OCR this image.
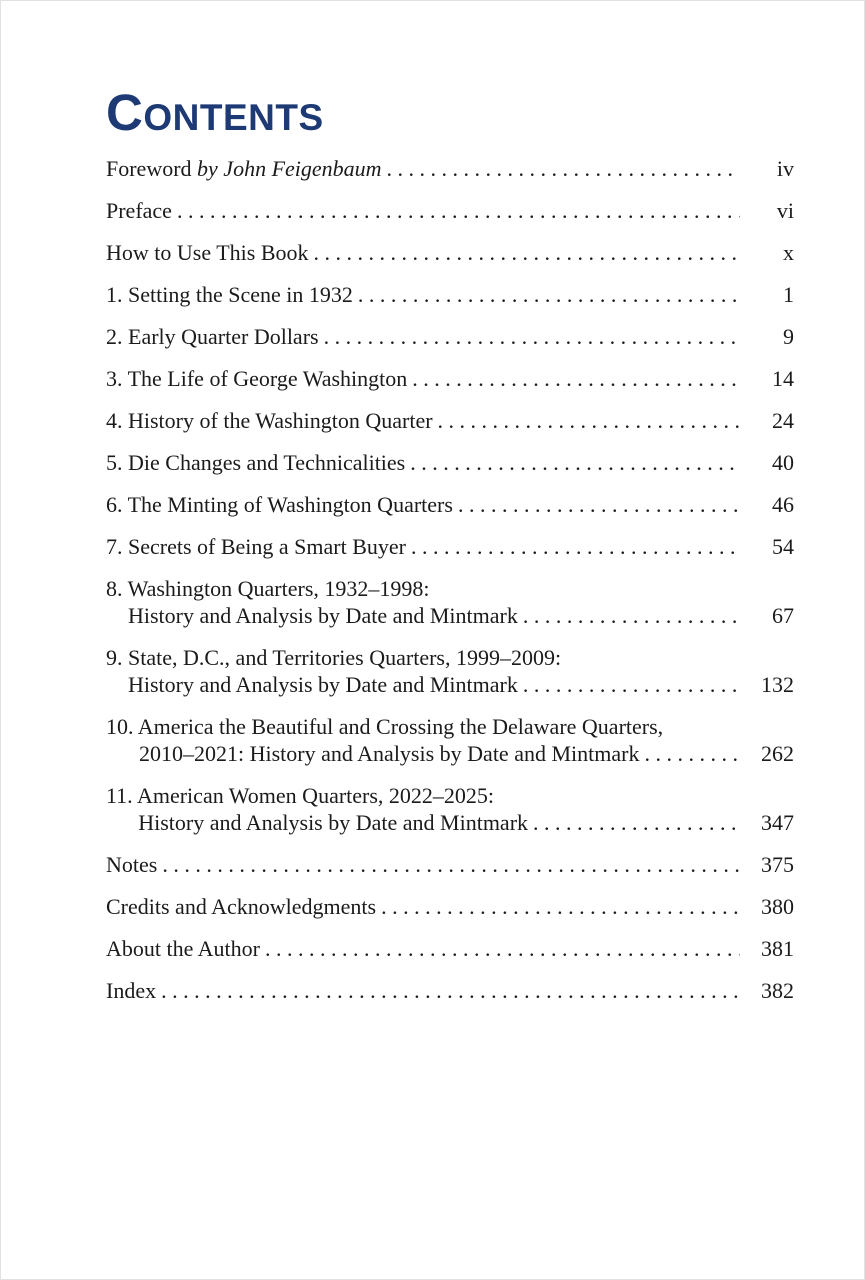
CONTENTS
Foreword by John Feigenbaum . . .	iv
Preface . . .	vi
How to Use This Book . . .	x
1. Setting the Scene in 1932 . . .	1
2. Early Quarter Dollars . . .	9
3. The Life of George Washington . . .	14
4. History of the Washington Quarter . . .	24
5. Die Changes and Technicalities . . .	40
6. The Minting of Washington Quarters . . .	46
7. Secrets of Being a Smart Buyer . . .	54
8. Washington Quarters, 1932–1998:
History and Analysis by Date and Mintmark . . .	67
9. State, D.C., and Territories Quarters, 1999–2009:
History and Analysis by Date and Mintmark . . .	132
10. America the Beautiful and Crossing the Delaware Quarters,
2010–2021: History and Analysis by Date and Mintmark . . .	262
11. American Women Quarters, 2022–2025:
History and Analysis by Date and Mintmark . . .	347
Notes . . .	375
Credits and Acknowledgments . . .	380
About the Author . . .	381
Index . . .	382
